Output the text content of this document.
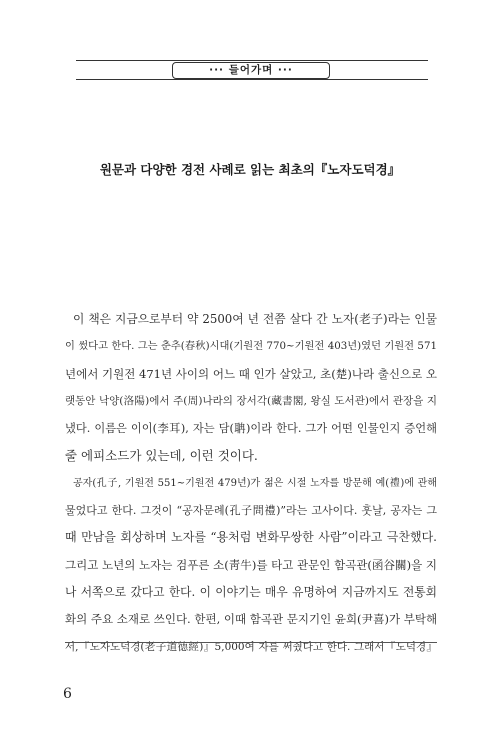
··· 들어가며 ···
원문과 다양한 경전 사례로 읽는 최초의『노자도덕경』
이 책은 지금으로부터 약 2500여 년 전쯤 살다 간 노자(老子)라는 인물
이 썼다고 한다. 그는 춘추(春秋)시대(기원전 770~기원전 403년)였던 기원전 571
년에서 기원전 471년 사이의 어느 때 인가 살았고, 초(楚)나라 출신으로 오
랫동안 낙양(洛陽)에서 주(周)나라의 장서각(藏書閣, 왕실 도서관)에서 관장을 지
냈다. 이름은 이이(李耳), 자는 담(聃)이라 한다. 그가 어떤 인물인지 증언해
줄 에피소드가 있는데, 이런 것이다.
공자(孔子, 기원전 551~기원전 479년)가 젊은 시절 노자를 방문해 예(禮)에 관해
물었다고 한다. 그것이 “공자문례(孔子問禮)”라는 고사이다. 훗날, 공자는 그
때 만남을 회상하며 노자를 “용처럼 변화무쌍한 사람”이라고 극찬했다.
그리고 노년의 노자는 검푸른 소(靑牛)를 타고 관문인 함곡관(函谷關)을 지
나 서쪽으로 갔다고 한다. 이 이야기는 매우 유명하여 지금까지도 전통회
화의 주요 소재로 쓰인다. 한편, 이때 함곡관 문지기인 윤희(尹喜)가 부탁해
서,『노자도덕경(老子道德經)』5,000여 자를 써줬다고 한다. 그래서『도덕경』
6
